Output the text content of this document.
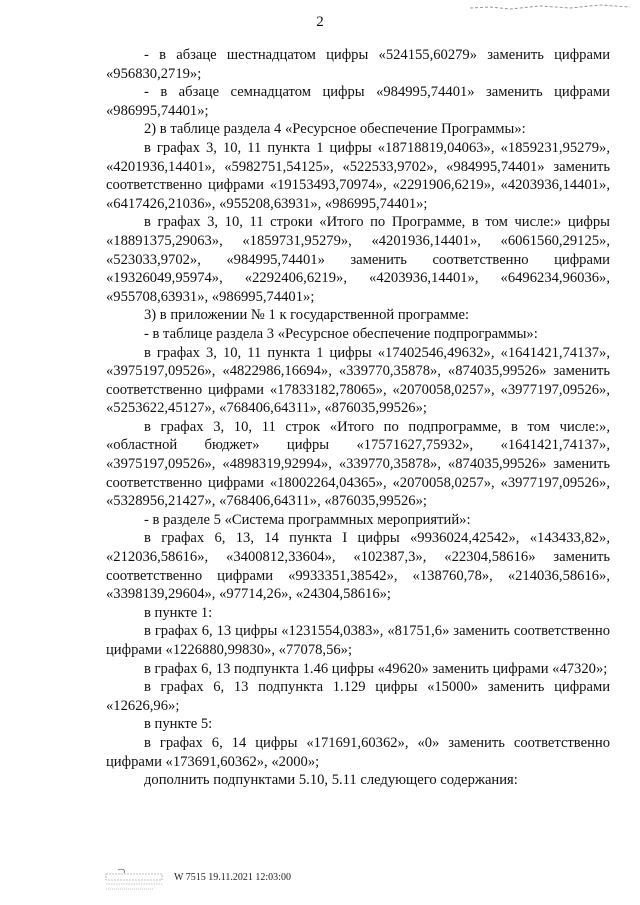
2

- в абзаце шестнадцатом цифры «524155,60279» заменить цифрами «956830,2719»;

- в абзаце семнадцатом цифры «984995,74401» заменить цифрами «986995,74401»;

2) в таблице раздела 4 «Ресурсное обеспечение Программы»:

в графах 3, 10, 11 пункта 1 цифры «18718819,04063», «1859231,95279», «4201936,14401», «5982751,54125», «522533,9702», «984995,74401» заменить соответственно цифрами «19153493,70974», «2291906,6219», «4203936,14401», «6417426,21036», «955208,63931», «986995,74401»;

в графах 3, 10, 11 строки «Итого по Программе, в том числе:» цифры «18891375,29063», «1859731,95279», «4201936,14401», «6061560,29125», «523033,9702», «984995,74401» заменить соответственно цифрами «19326049,95974», «2292406,6219», «4203936,14401», «6496234,96036», «955708,63931», «986995,74401»;

3) в приложении № 1 к государственной программе:

- в таблице раздела 3 «Ресурсное обеспечение подпрограммы»:

в графах 3, 10, 11 пункта 1 цифры «17402546,49632», «1641421,74137», «3975197,09526», «4822986,16694», «339770,35878», «874035,99526» заменить соответственно цифрами «17833182,78065», «2070058,0257», «3977197,09526», «5253622,45127», «768406,64311», «876035,99526»;

в графах 3, 10, 11 строк «Итого по подпрограмме, в том числе:», «областной бюджет» цифры «17571627,75932», «1641421,74137», «3975197,09526», «4898319,92994», «339770,35878», «874035,99526» заменить соответственно цифрами «18002264,04365», «2070058,0257», «3977197,09526», «5328956,21427», «768406,64311», «876035,99526»;

- в разделе 5 «Система программных мероприятий»:

в графах 6, 13, 14 пункта I цифры «9936024,42542», «143433,82», «212036,58616», «3400812,33604», «102387,3», «22304,58616» заменить соответственно цифрами «9933351,38542», «138760,78», «214036,58616», «3398139,29604», «97714,26», «24304,58616»;

в пункте 1:

в графах 6, 13 цифры «1231554,0383», «81751,6» заменить соответственно цифрами «1226880,99830», «77078,56»;

в графах 6, 13 подпункта 1.46 цифры «49620» заменить цифрами «47320»;

в графах 6, 13 подпункта 1.129 цифры «15000» заменить цифрами «12626,96»;

в пункте 5:

в графах 6, 14 цифры «171691,60362», «0» заменить соответственно цифрами «173691,60362», «2000»;

дополнить подпунктами 5.10, 5.11 следующего содержания:

W 7515 19.11.2021 12:03:00
